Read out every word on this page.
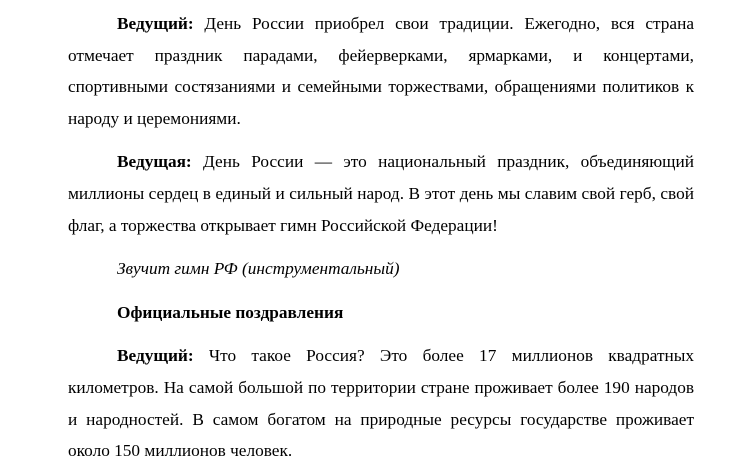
Ведущий: День России приобрел свои традиции. Ежегодно, вся страна отмечает праздник парадами, фейерверками, ярмарками, и концертами, спортивными состязаниями и семейными торжествами, обращениями политиков к народу и церемониями.

Ведущая: День России — это национальный праздник, объединяющий миллионы сердец в единый и сильный народ. В этот день мы славим свой герб, свой флаг, а торжества открывает гимн Российской Федерации!

Звучит гимн РФ (инструментальный)

Официальные поздравления

Ведущий: Что такое Россия? Это более 17 миллионов квадратных километров. На самой большой по территории стране проживает более 190 народов и народностей. В самом богатом на природные ресурсы государстве проживает около 150 миллионов человек.
